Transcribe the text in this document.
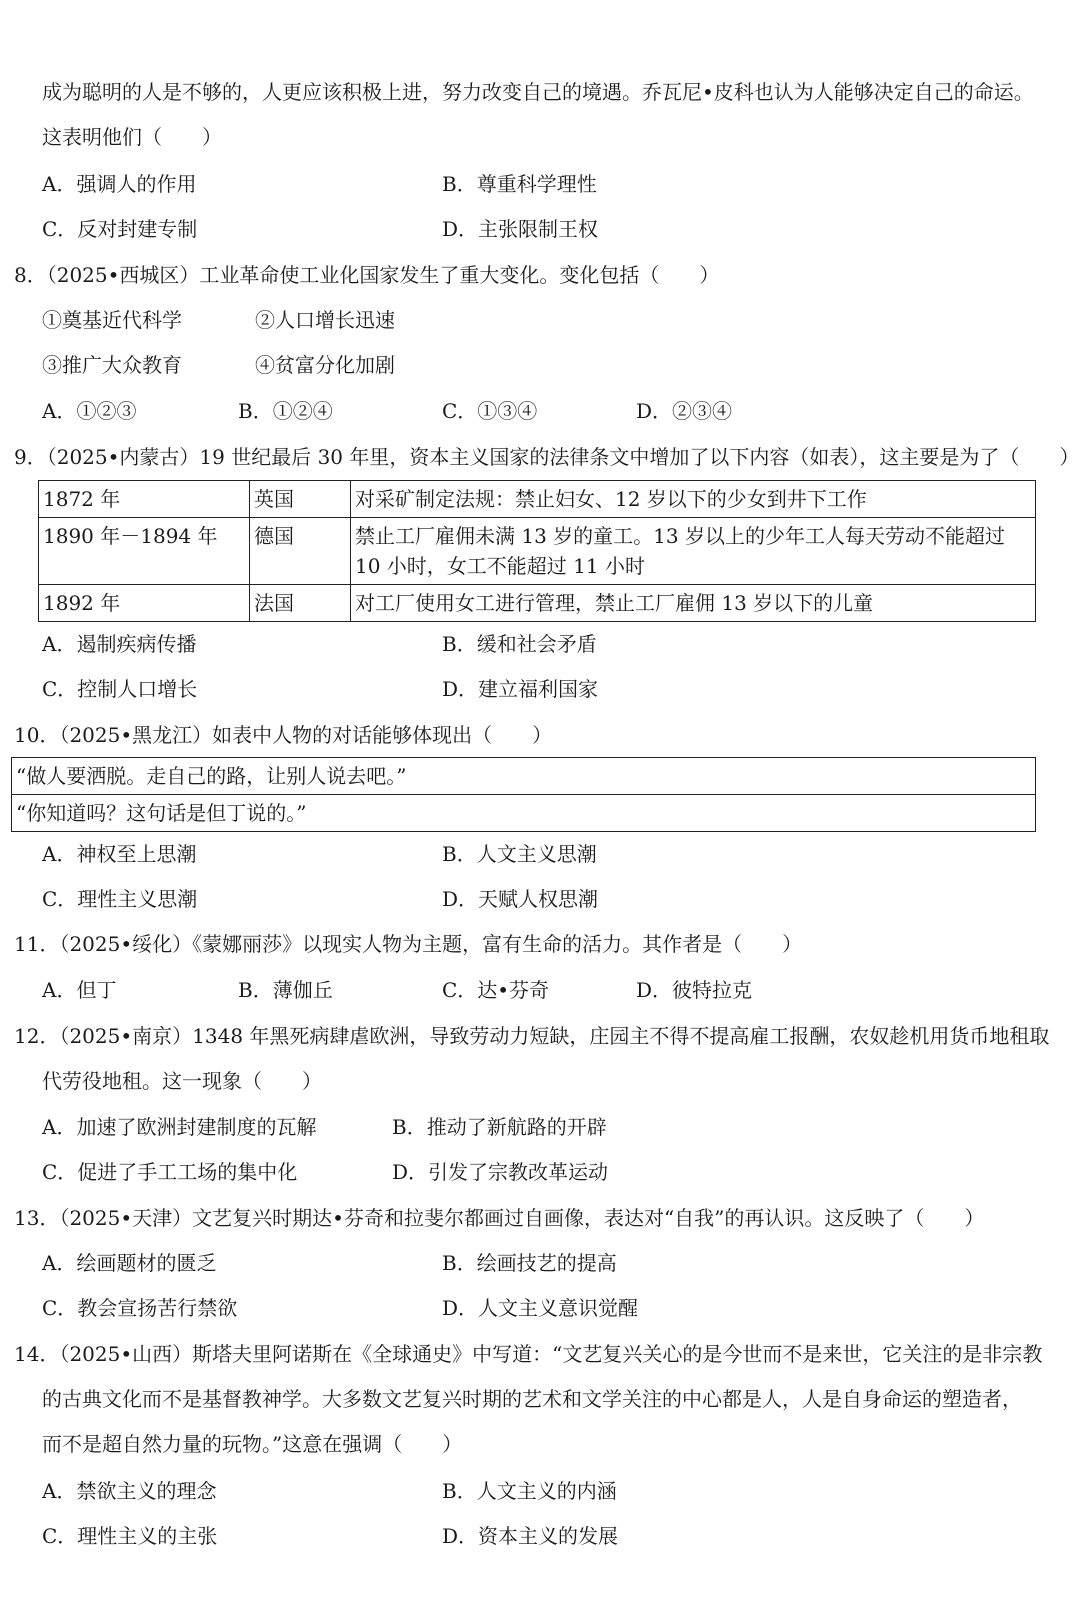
成为聪明的人是不够的，人更应该积极上进，努力改变自己的境遇。乔瓦尼•皮科也认为人能够决定自己的命运。
这表明他们（　　）
A．强调人的作用	B．尊重科学理性
C．反对封建专制	D．主张限制王权
8．（2025•西城区）工业革命使工业化国家发生了重大变化。变化包括（　　）
①奠基近代科学	②人口增长迅速
③推广大众教育	④贫富分化加剧
A．①②③	B．①②④	C．①③④	D．②③④
9．（2025•内蒙古）19 世纪最后 30 年里，资本主义国家的法律条文中增加了以下内容（如表），这主要是为了（　　）
1872 年	英国	对采矿制定法规：禁止妇女、12 岁以下的少女到井下工作
1890 年－1894 年	德国	禁止工厂雇佣未满 13 岁的童工。13 岁以上的少年工人每天劳动不能超过 10 小时，女工不能超过 11 小时
1892 年	法国	对工厂使用女工进行管理，禁止工厂雇佣 13 岁以下的儿童
A．遏制疾病传播	B．缓和社会矛盾
C．控制人口增长	D．建立福利国家
10．（2025•黑龙江）如表中人物的对话能够体现出（　　）
“做人要洒脱。走自己的路，让别人说去吧。”
“你知道吗？这句话是但丁说的。”
A．神权至上思潮	B．人文主义思潮
C．理性主义思潮	D．天赋人权思潮
11．（2025•绥化）《蒙娜丽莎》以现实人物为主题，富有生命的活力。其作者是（　　）
A．但丁	B．薄伽丘	C．达•芬奇	D．彼特拉克
12．（2025•南京）1348 年黑死病肆虐欧洲，导致劳动力短缺，庄园主不得不提高雇工报酬，农奴趁机用货币地租取
代劳役地租。这一现象（　　）
A．加速了欧洲封建制度的瓦解	B．推动了新航路的开辟
C．促进了手工工场的集中化	D．引发了宗教改革运动
13．（2025•天津）文艺复兴时期达•芬奇和拉斐尔都画过自画像，表达对“自我”的再认识。这反映了（　　）
A．绘画题材的匮乏	B．绘画技艺的提高
C．教会宣扬苦行禁欲	D．人文主义意识觉醒
14．（2025•山西）斯塔夫里阿诺斯在《全球通史》中写道：“文艺复兴关心的是今世而不是来世，它关注的是非宗教
的古典文化而不是基督教神学。大多数文艺复兴时期的艺术和文学关注的中心都是人，人是自身命运的塑造者，
而不是超自然力量的玩物。”这意在强调（　　）
A．禁欲主义的理念	B．人文主义的内涵
C．理性主义的主张	D．资本主义的发展
